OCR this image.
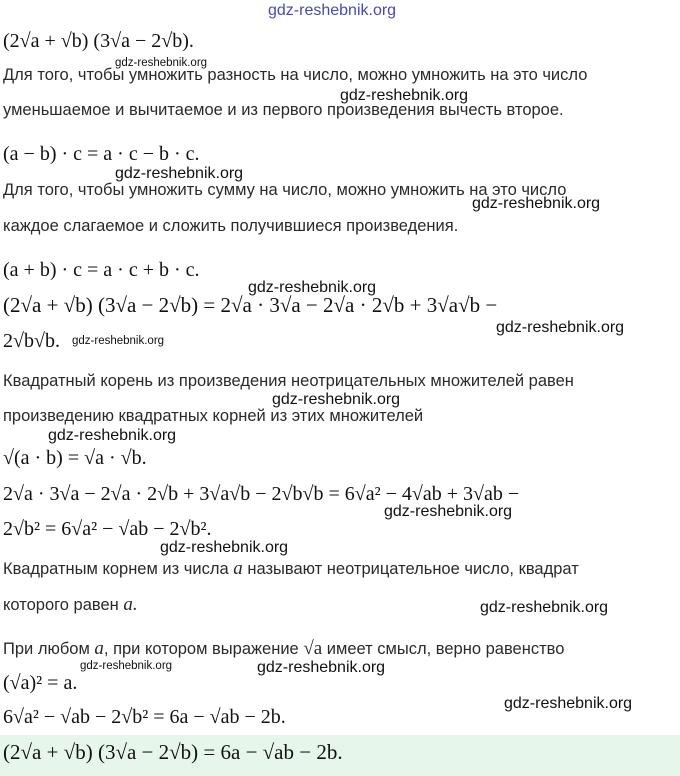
gdz-reshebnik.org
(2√a + √b) (3√a − 2√b).
gdz-reshebnik.org
Для того, чтобы умножить разность на число, можно умножить на это число
gdz-reshebnik.org
уменьшаемое и вычитаемое и из первого произведения вычесть второе.
(a − b) · c = a · c − b · c.
gdz-reshebnik.org
Для того, чтобы умножить сумму на число, можно умножить на это число
gdz-reshebnik.org
каждое слагаемое и сложить получившиеся произведения.
(a + b) · c = a · c + b · c.
gdz-reshebnik.org
(2√a + √b) (3√a − 2√b) = 2√a · 3√a − 2√a · 2√b + 3√a√b −
gdz-reshebnik.org
2√b√b. gdz-reshebnik.org
Квадратный корень из произведения неотрицательных множителей равен
gdz-reshebnik.org
произведению квадратных корней из этих множителей
gdz-reshebnik.org
√(a · b) = √a · √b.
2√a · 3√a − 2√a · 2√b + 3√a√b − 2√b√b = 6√a² − 4√ab + 3√ab −
gdz-reshebnik.org
2√b² = 6√a² − √ab − 2√b².
gdz-reshebnik.org
Квадратным корнем из числа a называют неотрицательное число, квадрат
которого равен a.	gdz-reshebnik.org
При любом a, при котором выражение √a имеет смысл, верно равенство
gdz-reshebnik.org	gdz-reshebnik.org
(√a)² = a.
gdz-reshebnik.org
6√a² − √ab − 2√b² = 6a − √ab − 2b.
(2√a + √b) (3√a − 2√b) = 6a − √ab − 2b.
